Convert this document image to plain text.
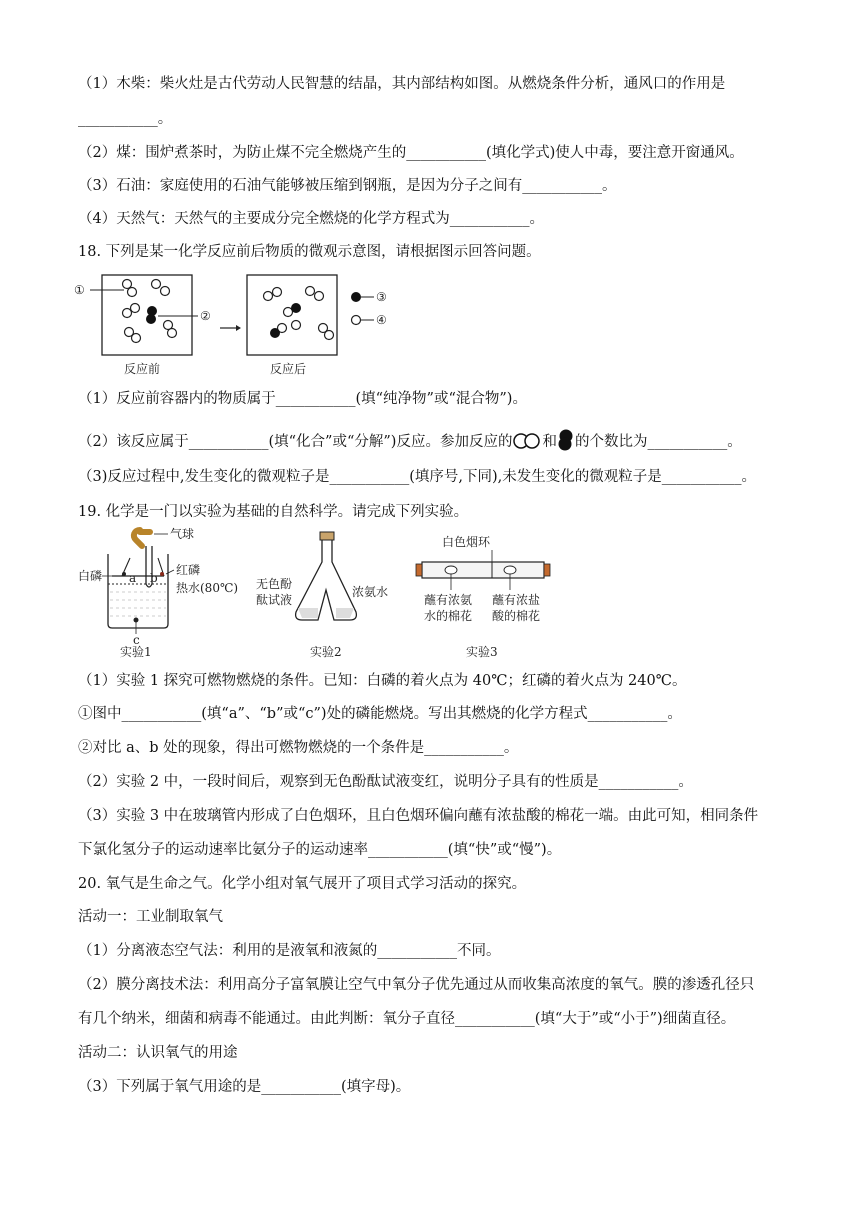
（1）木柴：柴火灶是古代劳动人民智慧的结晶，其内部结构如图。从燃烧条件分析，通风口的作用是
___________。
（2）煤：围炉煮茶时，为防止煤不完全燃烧产生的___________(填化学式)使人中毒，要注意开窗通风。
（3）石油：家庭使用的石油气能够被压缩到钢瓶，是因为分子之间有___________。
（4）天然气：天然气的主要成分完全燃烧的化学方程式为___________。
18. 下列是某一化学反应前后物质的微观示意图，请根据图示回答问题。
①
②
反应前	反应后
③
④
（1）反应前容器内的物质属于___________(填“纯净物”或“混合物”)。
（2）该反应属于___________(填“化合”或“分解”)反应。参加反应的 和 的个数比为___________。
（3)反应过程中,发生变化的微观粒子是___________(填序号,下同),未发生变化的微观粒子是___________。
19. 化学是一门以实验为基础的自然科学。请完成下列实验。
气球
白磷	红磷
热水(80℃)
a b
c
实验1
无色酚
酞试液
浓氨水
实验2
白色烟环
蘸有浓氨
水的棉花
蘸有浓盐
酸的棉花
实验3
（1）实验 1 探究可燃物燃烧的条件。已知：白磷的着火点为 40℃；红磷的着火点为 240℃。
①图中___________(填“a”、“b”或“c”)处的磷能燃烧。写出其燃烧的化学方程式___________。
②对比 a、b 处的现象，得出可燃物燃烧的一个条件是___________。
（2）实验 2 中，一段时间后，观察到无色酚酞试液变红，说明分子具有的性质是___________。
（3）实验 3 中在玻璃管内形成了白色烟环，且白色烟环偏向蘸有浓盐酸的棉花一端。由此可知，相同条件
下氯化氢分子的运动速率比氨分子的运动速率___________(填“快”或“慢”)。
20. 氧气是生命之气。化学小组对氧气展开了项目式学习活动的探究。
活动一：工业制取氧气
（1）分离液态空气法：利用的是液氧和液氮的___________不同。
（2）膜分离技术法：利用高分子富氧膜让空气中氧分子优先通过从而收集高浓度的氧气。膜的渗透孔径只
有几个纳米，细菌和病毒不能通过。由此判断：氧分子直径___________(填“大于”或“小于”)细菌直径。
活动二：认识氧气的用途
（3）下列属于氧气用途的是___________(填字母)。
